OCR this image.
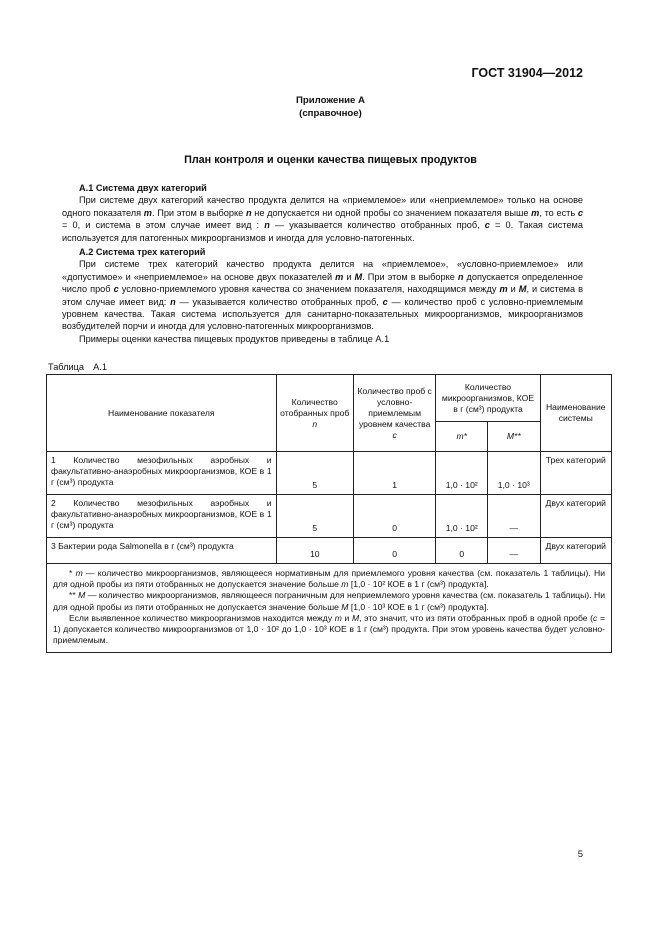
ГОСТ 31904—2012
Приложение А
(справочное)
План контроля и оценки качества пищевых продуктов
А.1 Система двух категорий

При системе двух категорий качество продукта делится на «приемлемое» или «неприемлемое» только на основе одного показателя m. При этом в выборке n не допускается ни одной пробы со значением показателя выше m, то есть c = 0, и система в этом случае имеет вид : n — указывается количество отобранных проб, c = 0. Такая система используется для патогенных микроорганизмов и иногда для условно-патогенных.

А.2 Система трех категорий

При системе трех категорий качество продукта делится на «приемлемое», «условно-приемлемое» или «допустимое» и «неприемлемое» на основе двух показателей m и M. При этом в выборке n допускается определенное число проб c условно-приемлемого уровня качества со значением показателя, находящимся между m и M, и система в этом случае имеет вид: n — указывается количество отобранных проб, c — количество проб с условно-приемлемым уровнем качества. Такая система используется для санитарно-показательных микроорганизмов, микроорганизмов возбудителей порчи и иногда для условно-патогенных микроорганизмов.

Примеры оценки качества пищевых продуктов приведены в таблице А.1

Таблица А.1
Наименование показателя	Количество отобранных проб n	Количество проб с условно-приемлемым уровнем качества с	Количество микроорганизмов, КОЕ в г (см³) продукта		Наименование системы
			m*	M**	
1 Количество мезофильных аэробных и факультативно-анаэробных микроорганизмов, КОЕ в 1 г (см³) продукта	5	1	1,0 · 10²	1,0 · 10³	Трех категорий
2 Количество мезофильных аэробных и факультативно-анаэробных микроорганизмов, КОЕ в 1 г (см³) продукта	5	0	1,0 · 10²	—	Двух категорий
3 Бактерии рода Salmonella в г (см³) продукта	10	0	0	—	Двух категорий

* m — количество микроорганизмов, являющееся нормативным для приемлемого уровня качества (см. показатель 1 таблицы). Ни для одной пробы из пяти отобранных не допускается значение больше m [1,0 · 10² КОЕ в 1 г (см³) продукта].

** M — количество микроорганизмов, являющееся пограничным для неприемлемого уровня качества (см. показатель 1 таблицы). Ни для одной пробы из пяти отобранных не допускается значение больше M [1,0 · 10³ КОЕ в 1 г (см³) продукта].

Если выявленное количество микроорганизмов находится между m и M, это значит, что из пяти отобранных проб в одной пробе (с = 1) допускается количество микроорганизмов от 1,0 · 10² до 1,0 · 10³ КОЕ в 1 г (см³) продукта. При этом уровень качества будет условно-приемлемым.					

5
